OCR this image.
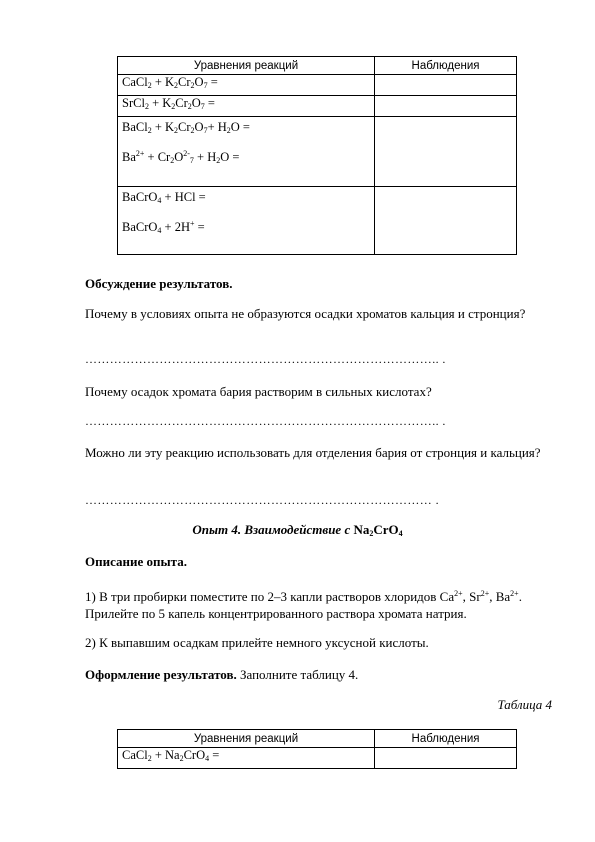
Уравнения реакций	Наблюдения
CaCl$_2$ + $K_2Cr_2O_7$ =	
SrCl$_2$ + $K_2Cr_2O_7$ =	

BaCl$_2$ + $K_2Cr_2O_7+ H_2O$ =
$Ba^{2+} + Cr_2O^{2-}_7 + H_2O$ =	

BaCrO$_4$ + HCl =
BaCrO$_4$ + 2H+ =	

Обсуждение результатов.
Почему в условиях опыта не образуются осадки хроматов кальция и стронция?
………………………………………………………………………….. .
Почему осадок хромата бария растворим в сильных кислотах?
………………………………………………………………………….. .
Можно ли эту реакцию использовать для отделения бария от стронция и кальция?
………………………………………………………………………… .
Опыт 4. Взаимодействие с $Na_2CrO_4$
Описание опыта.
1) В три пробирки поместите по 2–3 капли растворов хлоридов $Ca^{2+}$, $Sr^{2+}$, $Ba^{2+}$. Прилейте по 5 капель концентрированного раствора хромата натрия.
2) К выпавшим осадкам прилейте немного уксусной кислоты.
Оформление результатов. Заполните таблицу 4.
Таблица 4
Уравнения реакций	Наблюдения
CaCl$_2$ + $Na_2CrO_4$ =	
